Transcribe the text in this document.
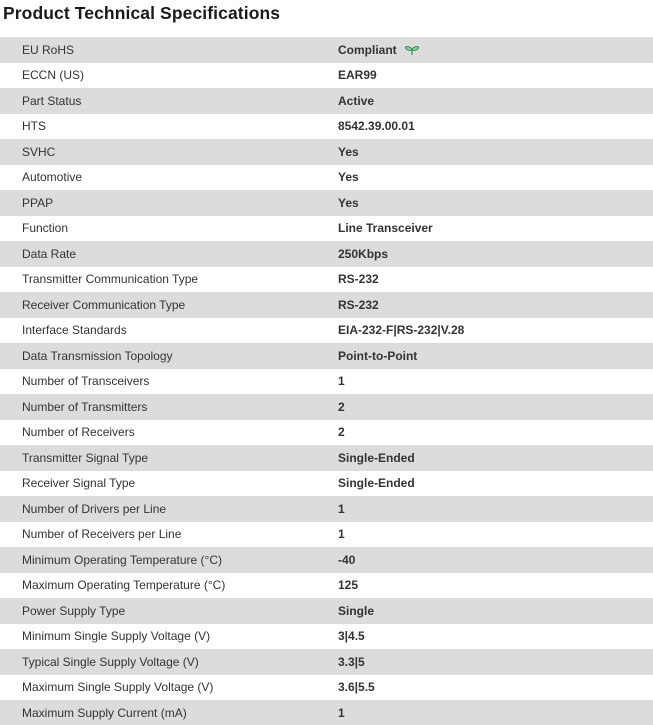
Product Technical Specifications
EU RoHS	Compliant
ECCN (US)	EAR99
Part Status	Active
HTS	8542.39.00.01
SVHC	Yes
Automotive	Yes
PPAP	Yes
Function	Line Transceiver
Data Rate	250Kbps
Transmitter Communication Type	RS-232
Receiver Communication Type	RS-232
Interface Standards	EIA-232-F|RS-232|V.28
Data Transmission Topology	Point-to-Point
Number of Transceivers	1
Number of Transmitters	2
Number of Receivers	2
Transmitter Signal Type	Single-Ended
Receiver Signal Type	Single-Ended
Number of Drivers per Line	1
Number of Receivers per Line	1
Minimum Operating Temperature (°C)	-40
Maximum Operating Temperature (°C)	125
Power Supply Type	Single
Minimum Single Supply Voltage (V)	3|4.5
Typical Single Supply Voltage (V)	3.3|5
Maximum Single Supply Voltage (V)	3.6|5.5
Maximum Supply Current (mA)	1
